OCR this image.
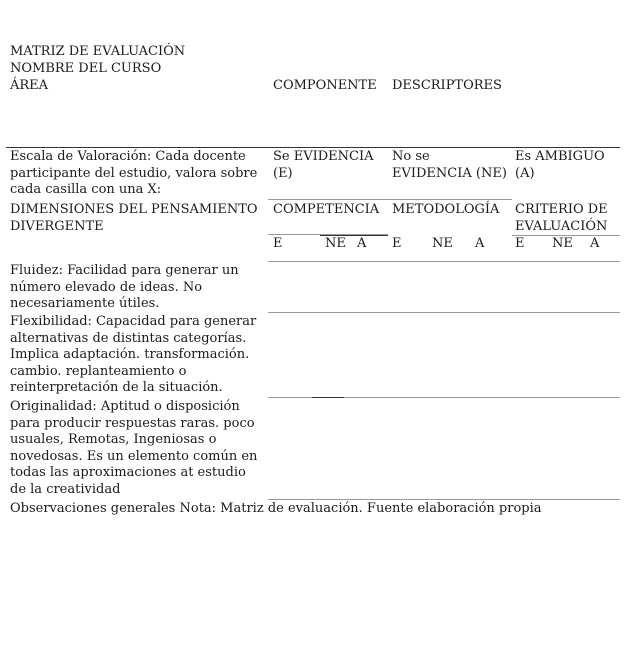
MATRIZ DE EVALUACIÓN
NOMBRE DEL CURSO
ÁREA	COMPONENTE DESCRIPTORES
Escala de Valoración: Cada docente participante del estudio, valora sobre cada casilla con una X:
Se EVIDENCIA (E)
No se EVIDENCIA (NE)
Es AMBIGUO (A)
DIMENSIONES DEL PENSAMIENTO DIVERGENTE
COMPETENCIA METODOLOGÍA CRITERIO DE EVALUACIÓN
E	NE A E NE A E NE A
Fluidez: Facilidad para generar un número elevado de ideas. No necesariamente útiles.
Flexibilidad: Capacidad para generar alternativas de distintas categorías. Implica adaptación. transformación. cambio. replanteamiento o reinterpretación de la situación.
Originalidad: Aptitud o disposición para producir respuestas raras. poco usuales, Remotas, Ingeniosas o novedosas. Es un elemento común en todas las aproximaciones at estudio de la creatividad
Observaciones generales Nota: Matriz de evaluación. Fuente elaboración propia
